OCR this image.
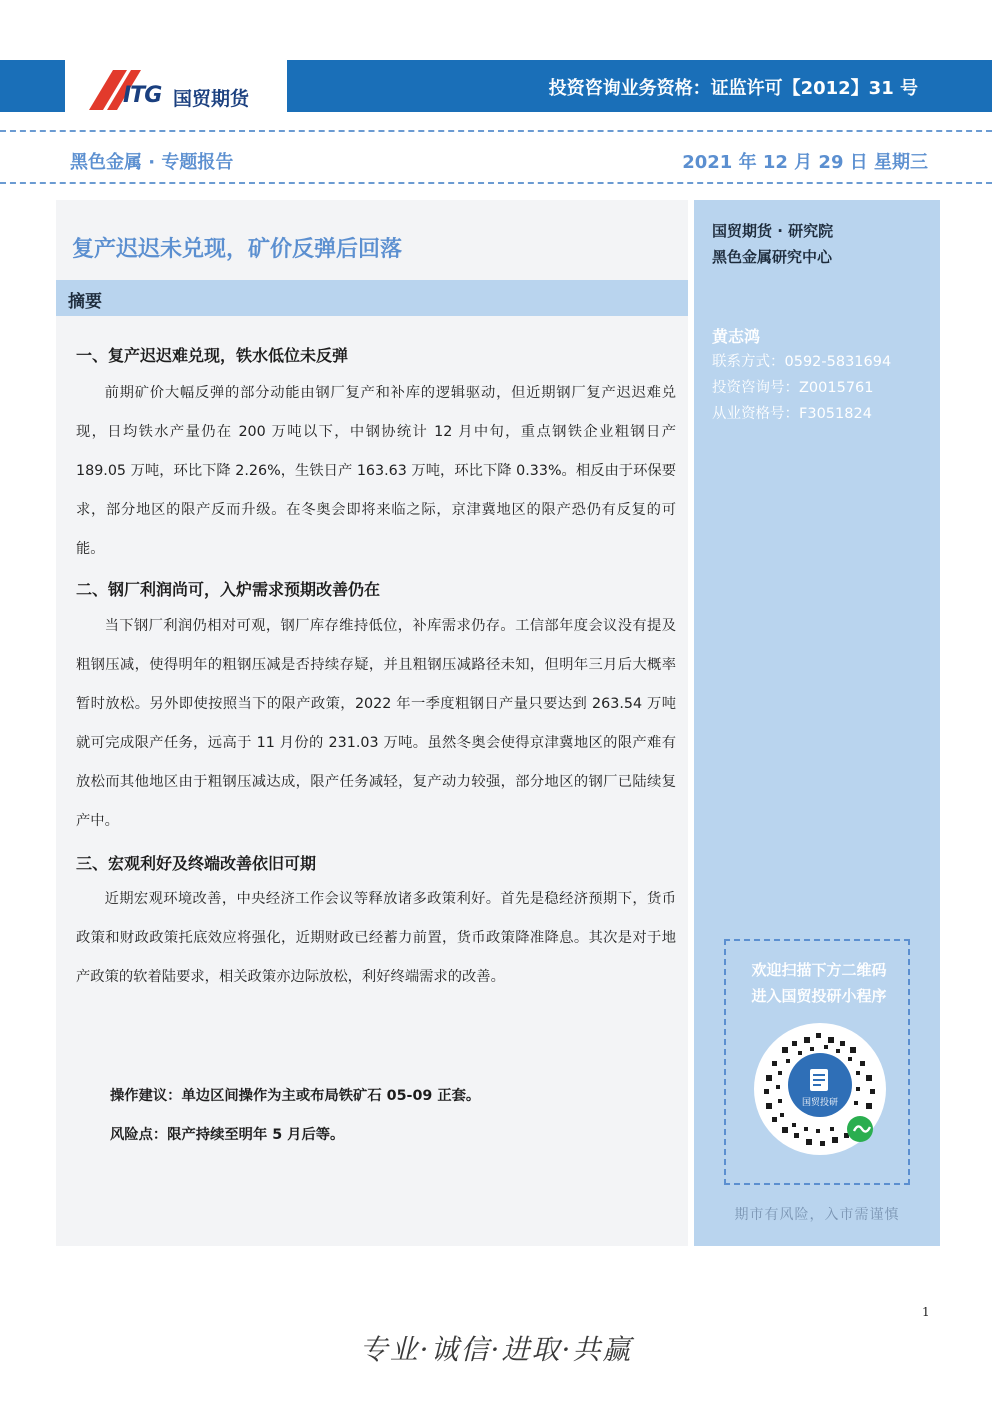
ITG 国贸期货	投资咨询业务资格：证监许可【2012】31 号
黑色金属 · 专题报告	2021 年 12 月 29 日 星期三
复产迟迟未兑现，矿价反弹后回落
摘要
一、复产迟迟难兑现，铁水低位未反弹

前期矿价大幅反弹的部分动能由钢厂复产和补库的逻辑驱动，但近期钢厂复产迟迟难兑现，日均铁水产量仍在 200 万吨以下，中钢协统计 12 月中旬，重点钢铁企业粗钢日产 189.05 万吨，环比下降 2.26%，生铁日产 163.63 万吨，环比下降 0.33%。相反由于环保要求，部分地区的限产反而升级。在冬奥会即将来临之际，京津冀地区的限产恐仍有反复的可能。

二、钢厂利润尚可，入炉需求预期改善仍在

当下钢厂利润仍相对可观，钢厂库存维持低位，补库需求仍存。工信部年度会议没有提及粗钢压减，使得明年的粗钢压减是否持续存疑，并且粗钢压减路径未知，但明年三月后大概率暂时放松。另外即使按照当下的限产政策，2022 年一季度粗钢日产量只要达到 263.54 万吨就可完成限产任务，远高于 11 月份的 231.03 万吨。虽然冬奥会使得京津冀地区的限产难有放松而其他地区由于粗钢压减达成，限产任务减轻，复产动力较强，部分地区的钢厂已陆续复产中。

三、宏观利好及终端改善依旧可期

近期宏观环境改善，中央经济工作会议等释放诸多政策利好。首先是稳经济预期下，货币政策和财政政策托底效应将强化，近期财政已经蓄力前置，货币政策降准降息。其次是对于地产政策的软着陆要求，相关政策亦边际放松，利好终端需求的改善。

操作建议：单边区间操作为主或布局铁矿石 05-09 正套。
风险点：限产持续至明年 5 月后等。
国贸期货 · 研究院
黑色金属研究中心
黄志鸿
联系方式：0592-5831694
投资咨询号：Z0015761
从业资格号：F3051824
欢迎扫描下方二维码
进入国贸投研小程序
国贸投研
期市有风险，入市需谨慎
1
专业·诚信·进取·共赢
